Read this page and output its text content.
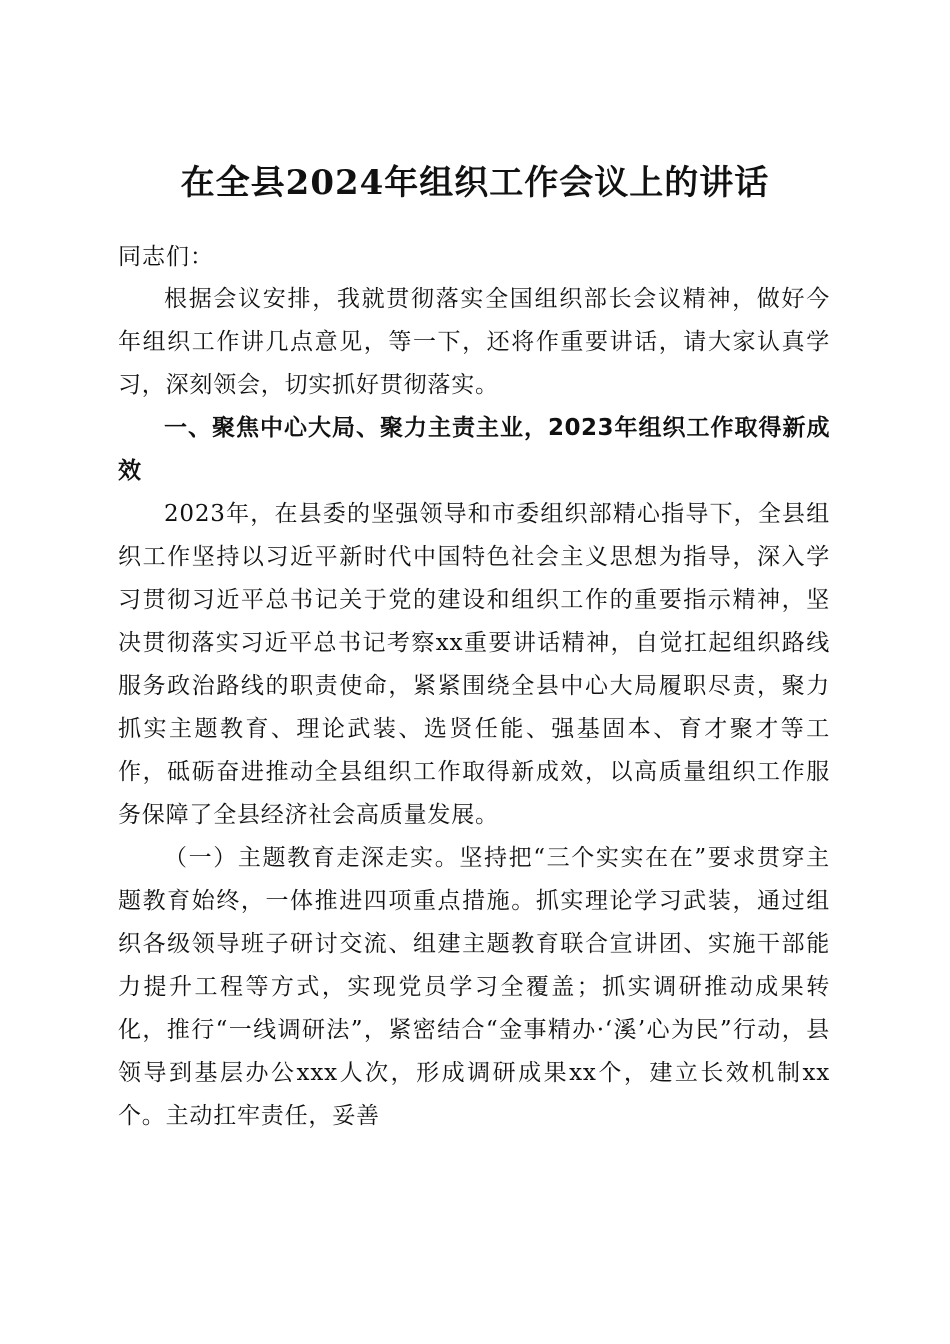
在全县2024年组织工作会议上的讲话

同志们：

根据会议安排，我就贯彻落实全国组织部长会议精神，做好今年组织工作讲几点意见，等一下，还将作重要讲话，请大家认真学习，深刻领会，切实抓好贯彻落实。

一、聚焦中心大局、聚力主责主业，2023年组织工作取得新成效

2023年，在县委的坚强领导和市委组织部精心指导下，全县组织工作坚持以习近平新时代中国特色社会主义思想为指导，深入学习贯彻习近平总书记关于党的建设和组织工作的重要指示精神，坚决贯彻落实习近平总书记考察xx重要讲话精神，自觉扛起组织路线服务政治路线的职责使命，紧紧围绕全县中心大局履职尽责，聚力抓实主题教育、理论武装、选贤任能、强基固本、育才聚才等工作，砥砺奋进推动全县组织工作取得新成效，以高质量组织工作服务保障了全县经济社会高质量发展。

（一）主题教育走深走实。坚持把“三个实实在在”要求贯穿主题教育始终，一体推进四项重点措施。抓实理论学习武装，通过组织各级领导班子研讨交流、组建主题教育联合宣讲团、实施干部能力提升工程等方式，实现党员学习全覆盖；抓实调研推动成果转化，推行“一线调研法”，紧密结合“金事精办·‘溪’心为民”行动，县领导到基层办公xxx人次，形成调研成果xx个，建立长效机制xx个。主动扛牢责任，妥善
